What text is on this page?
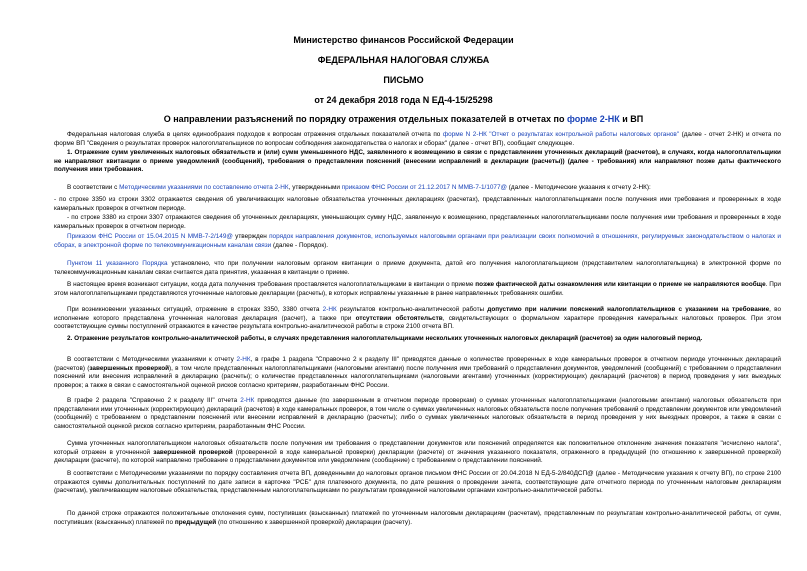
Министерство финансов Российской Федерации
ФЕДЕРАЛЬНАЯ НАЛОГОВАЯ СЛУЖБА
ПИСЬМО
от 24 декабря 2018 года N ЕД-4-15/25298
О направлении разъяснений по порядку отражения отдельных показателей в отчетах по форме 2-НК и ВП

Федеральная налоговая служба в целях единообразия подходов к вопросам отражения отдельных показателей отчета по форме N 2-НК "Отчет о результатах контрольной работы налоговых органов" (далее - отчет 2-НК) и отчета по форме ВП "Сведения о результатах проверок налогоплательщиков по вопросам соблюдения законодательства о налогах и сборах" (далее - отчет ВП), сообщает следующее.

1. Отражение сумм увеличенных налоговых обязательств и (или) сумм уменьшенного НДС, заявленного к возмещению в связи с представлением уточненных деклараций (расчетов), в случаях, когда налогоплательщики не направляют квитанции о приеме уведомлений (сообщений), требования о представлении пояснений (внесении исправлений в декларации (расчеты)) (далее - требования) или направляют позже даты фактического получения ими требования.

В соответствии с Методическими указаниями по составлению отчета 2-НК, утвержденными приказом ФНС России от 21.12.2017 N ММВ-7-1/1077@ (далее - Методические указания к отчету 2-НК):

- по строке 3350 из строки 3302 отражается сведения об увеличивающих налоговые обязательства уточненных декларациях (расчетах), представленных налогоплательщиками после получения ими требования и проверенных в ходе камеральных проверок в отчетном периоде.

- по строке 3380 из строки 3307 отражаются сведения об уточненных декларациях, уменьшающих сумму НДС, заявленную к возмещению, представленных налогоплательщиками после получения ими требования и проверенных в ходе камеральных проверок в отчетном периоде.

Приказом ФНС России от 15.04.2015 N ММВ-7-2/149@ утвержден порядок направления документов, используемых налоговыми органами при реализации своих полномочий в отношениях, регулируемых законодательством о налогах и сборах, в электронной форме по телекоммуникационным каналам связи (далее - Порядок).

Пунктом 11 указанного Порядка установлено, что при получении налоговым органом квитанции о приеме документа, датой его получения налогоплательщиком (представителем налогоплательщика) в электронной форме по телекоммуникационным каналам связи считается дата принятия, указанная в квитанции о приеме.

В настоящее время возникают ситуации, когда дата получения требования проставляется налогоплательщиками в квитанции о приеме позже фактической даты ознакомления или квитанции о приеме не направляются вообще. При этом налогоплательщиками представляются уточненные налоговые декларации (расчеты), в которых исправлены указанные в ранее направленных требованиях ошибки.

При возникновении указанных ситуаций, отражение в строках 3350, 3380 отчета 2-НК результатов контрольно-аналитической работы допустимо при наличии пояснений налогоплательщиков с указанием на требование, во исполнение которого представлена уточненная налоговая декларация (расчет), а также при отсутствии обстоятельств, свидетельствующих о формальном характере проведения камеральных налоговых проверок. При этом соответствующие суммы поступлений отражаются в качестве результата контрольно-аналитической работы в строке 2100 отчета ВП.

2. Отражение результатов контрольно-аналитической работы, в случаях представления налогоплательщиками нескольких уточненных налоговых деклараций (расчетов) за один налоговый период.

В соответствии с Методическими указаниями к отчету 2-НК, в графе 1 раздела "Справочно 2 к разделу III" приводятся данные о количестве проверенных в ходе камеральных проверок в отчетном периоде уточненных деклараций (расчетов) (завершенных проверкой), в том числе представленных налогоплательщиками (налоговыми агентами) после получения ими требований о представлении документов, уведомлений (сообщений) с требованием о представлении пояснений или внесения исправлений в декларацию (расчеты); о количестве представленных налогоплательщиками (налоговыми агентами) уточненных (корректирующих) деклараций (расчетов) в период проведения у них выездных проверок; а также в связи с самостоятельной оценкой рисков согласно критериям, разработанным ФНС России.

В графе 2 раздела "Справочно 2 к разделу III" отчета 2-НК приводятся данные (по завершенным в отчетном периоде проверкам) о суммах уточненных налогоплательщиками (налоговыми агентами) налоговых обязательств при представлении ими уточненных (корректирующих) деклараций (расчетов) в ходе камеральных проверок, в том числе о суммах увеличенных налоговых обязательств после получения требований о представлении документов или уведомлений (сообщений) с требованием о представлении пояснений или внесении исправлений в декларацию (расчеты); либо о суммах увеличенных налоговых обязательств в период проведения у них выездных проверок, а также в связи с самостоятельной оценкой рисков согласно критериям, разработанным ФНС России.

Сумма уточненных налогоплательщиком налоговых обязательств после получения им требования о представлении документов или пояснений определяется как положительное отклонение значения показателя "исчислено налога", который отражен в уточненной завершенной проверкой (проверенной в ходе камеральной проверки) декларации (расчете) от значения указанного показателя, отраженного в предыдущей (по отношению к завершенной проверкой) декларации (расчете), по которой направлено требование о представлении документов или уведомление (сообщение) с требованием о представлении пояснений.

В соответствии с Методическими указаниями по порядку составления отчета ВП, доведенными до налоговых органов письмом ФНС России от 20.04.2018 N ЕД-5-2/840ДСП@ (далее - Методические указания к отчету ВП), по строке 2100 отражаются суммы дополнительных поступлений по дате записи в карточке "РСБ" для платежного документа, по дате решения о проведении зачета, соответствующие дате отчетного периода по уточненным налоговым декларациям (расчетам), увеличивающим налоговые обязательства, представленным налогоплательщиками по результатам проведенной налоговыми органами контрольно-аналитической работы.

По данной строке отражаются положительные отклонения сумм, поступивших (взысканных) платежей по уточненным налоговым декларациям (расчетам), представленным по результатам контрольно-аналитической работы, от сумм, поступивших (взысканных) платежей по предыдущей (по отношению к завершенной проверкой) декларации (расчету).
